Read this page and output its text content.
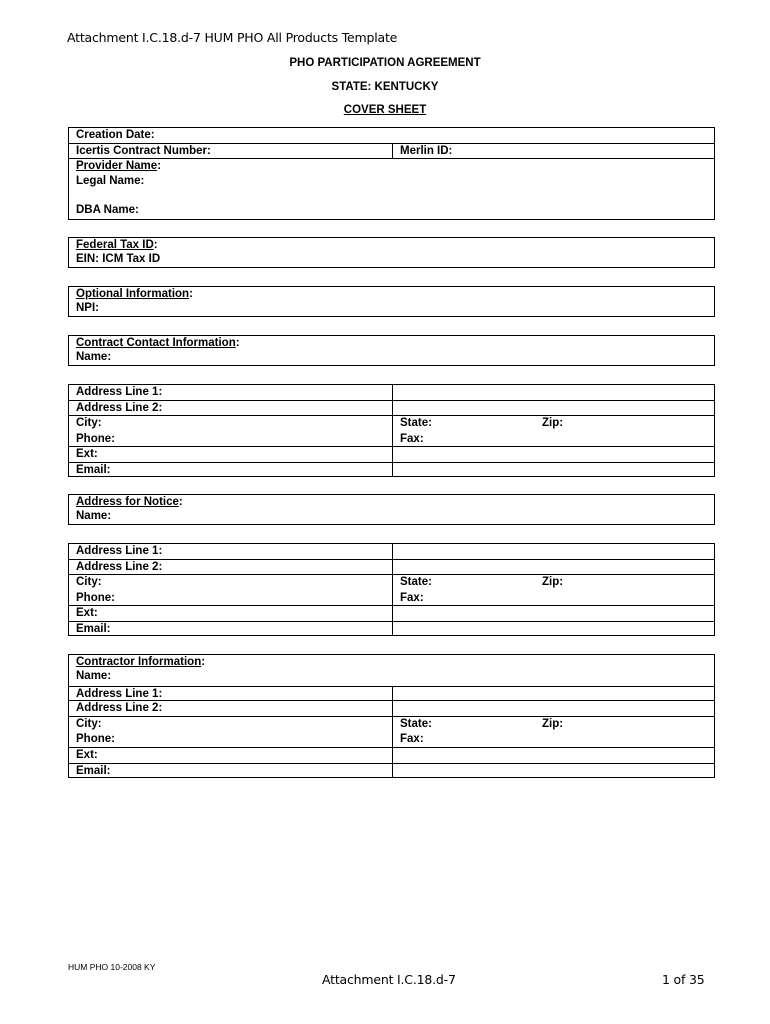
Attachment I.C.18.d-7 HUM PHO All Products Template
PHO PARTICIPATION AGREEMENT
STATE: KENTUCKY
COVER SHEET
Creation Date:
Icertis Contract Number:	Merlin ID:
Provider Name:
Legal Name:
DBA Name:
Federal Tax ID:
EIN: ICM Tax ID
Optional Information:
NPI:
Contract Contact Information:
Name:
Address Line 1:
Address Line 2:
City:	State:	Zip:
Phone:	Fax:
Ext:
Email:
Address for Notice:
Name:
Address Line 1:
Address Line 2:
City:	State:	Zip:
Phone:	Fax:
Ext:
Email:
Contractor Information:
Name:
Address Line 1:
Address Line 2:
City:	State:	Zip:
Phone:	Fax:
Ext:
Email:
HUM PHO 10-2008 KY
Attachment I.C.18.d-7	1 of 35
